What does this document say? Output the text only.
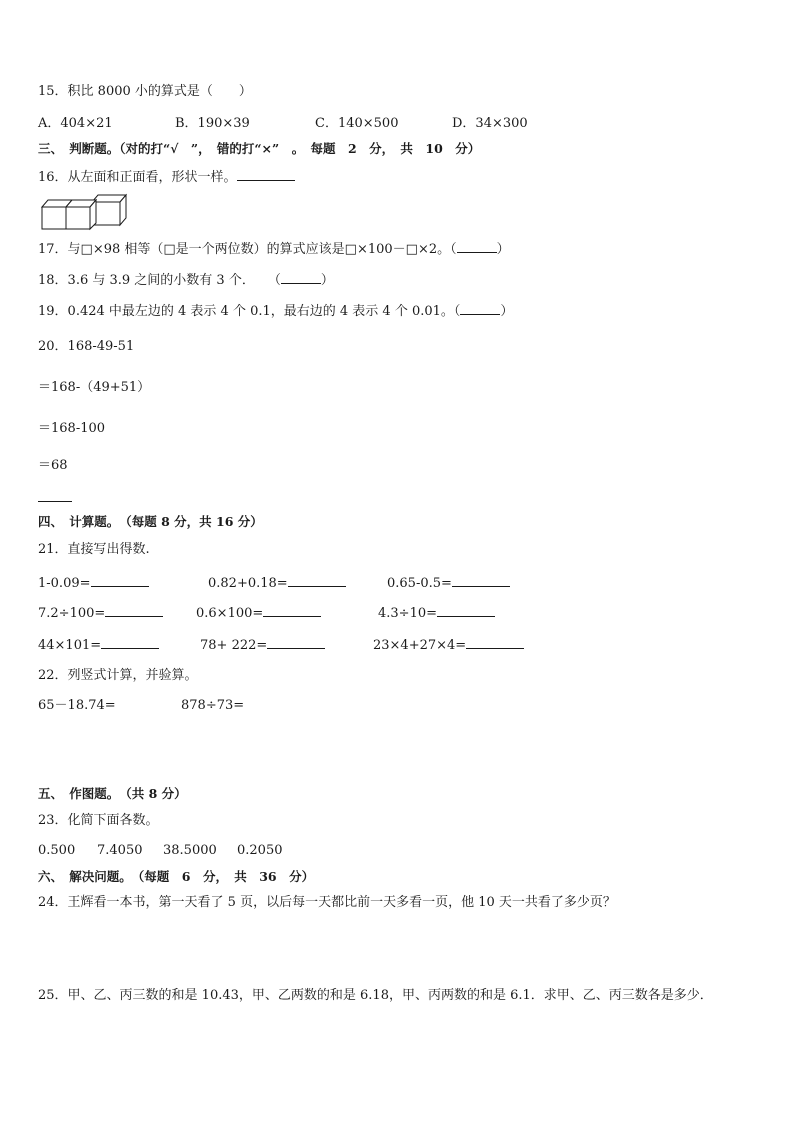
15．积比 8000 小的算式是（　　）
A．404×21	B．190×39	C．140×500	D．34×300
三、　判断题。（对的打“√　”，　错的打“×”　。　每题　2　分，　共　10　分）
16．从左面和正面看，形状一样。
17．与□×98 相等（□是一个两位数）的算式应该是□×100－□×2。（	）
18．3.6 与 3.9 之间的小数有 3 个．　　（	）
19．0.424 中最左边的 4 表示 4 个 0.1，最右边的 4 表示 4 个 0.01。（	）
20．168-49-51
＝168-（49+51）
＝168-100
＝68
四、　计算题。　（每题 8 分，共 16 分）
21．直接写出得数.
1-0.09=	0.82+0.18=	0.65-0.5=
7.2÷100=	0.6×100=	4.3÷10=
44×101=	78+ 222=	23×4+27×4=
22．列竖式计算，并验算。
65－18.74=	878÷73=
五、　作图题。　（共 8 分）
23．化简下面各数。
0.500 7.4050 38.5000 0.2050
六、　解决问题。　（每题　6　分，　共　36　分）
24．王辉看一本书，第一天看了 5 页，以后每一天都比前一天多看一页，他 10 天一共看了多少页？
25．甲、乙、丙三数的和是 10.43，甲、乙两数的和是 6.18，甲、丙两数的和是 6.1．求甲、乙、丙三数各是多少．
